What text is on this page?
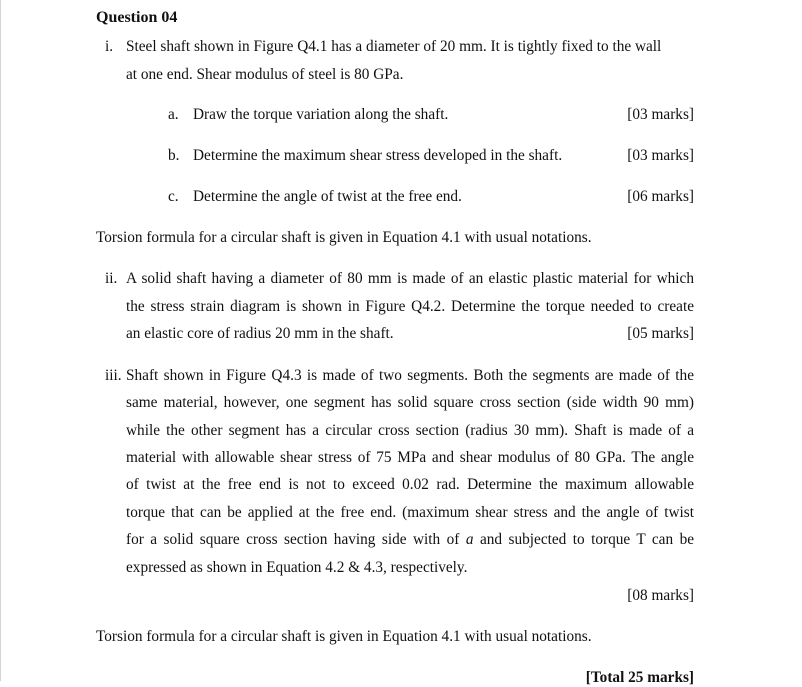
Question 04
i. Steel shaft shown in Figure Q4.1 has a diameter of 20 mm. It is tightly fixed to the wall
at one end. Shear modulus of steel is 80 GPa.
a. Draw the torque variation along the shaft.	[03 marks]
b. Determine the maximum shear stress developed in the shaft.	[03 marks]
c. Determine the angle of twist at the free end.	[06 marks]
Torsion formula for a circular shaft is given in Equation 4.1 with usual notations.
ii. A solid shaft having a diameter of 80 mm is made of an elastic plastic material for which
the stress strain diagram is shown in Figure Q4.2. Determine the torque needed to create
an elastic core of radius 20 mm in the shaft.	[05 marks]
iii. Shaft shown in Figure Q4.3 is made of two segments. Both the segments are made of the
same material, however, one segment has solid square cross section (side width 90 mm)
while the other segment has a circular cross section (radius 30 mm). Shaft is made of a
material with allowable shear stress of 75 MPa and shear modulus of 80 GPa. The angle
of twist at the free end is not to exceed 0.02 rad. Determine the maximum allowable
torque that can be applied at the free end. (maximum shear stress and the angle of twist
for a solid square cross section having side with of a and subjected to torque T can be
expressed as shown in Equation 4.2 & 4.3, respectively.
[08 marks]
Torsion formula for a circular shaft is given in Equation 4.1 with usual notations.
[Total 25 marks]
